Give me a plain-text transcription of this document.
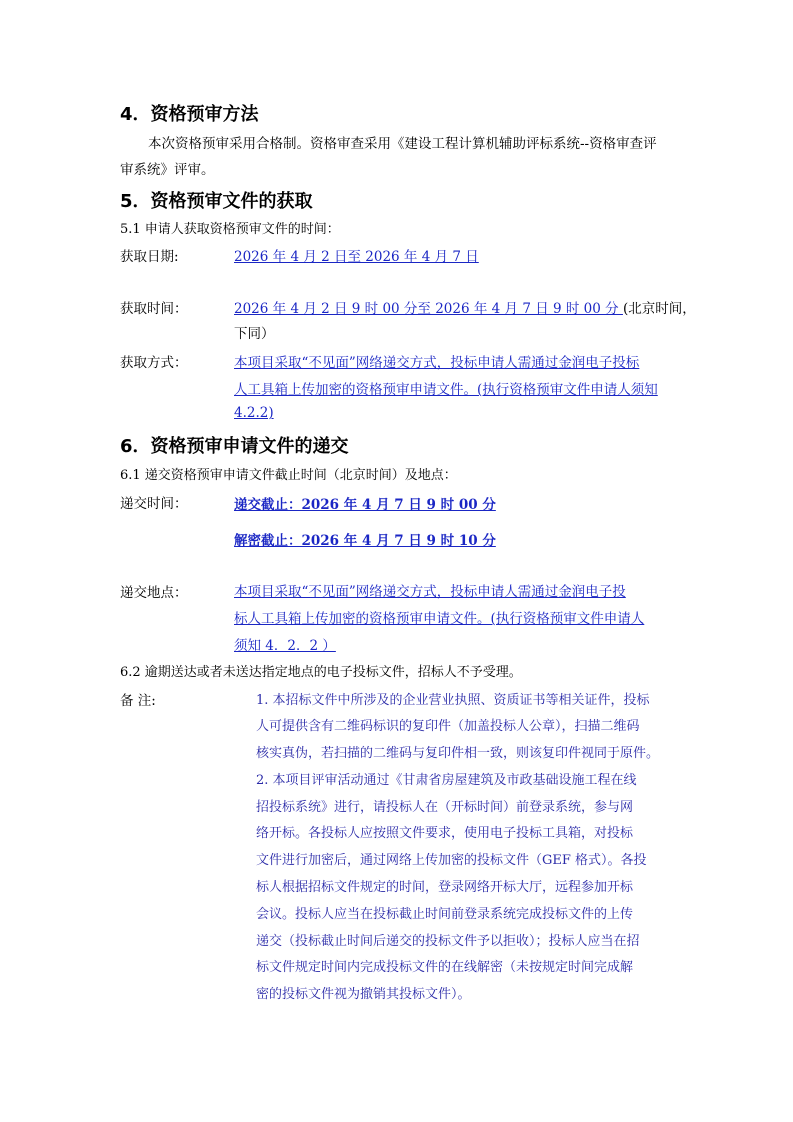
4．资格预审方法
本次资格预审采用合格制。资格审查采用《建设工程计算机辅助评标系统--资格审查评
审系统》评审。
5．资格预审文件的获取
5.1 申请人获取资格预审文件的时间：
获取日期:	2026 年 4 月 2 日至 2026 年 4 月 7 日
获取时间：	2026 年 4 月 2 日 9 时 00 分至 2026 年 4 月 7 日 9 时 00 分 (北京时间，
下同）
获取方式：	本项目采取“不见面”网络递交方式，投标申请人需通过金润电子投标
人工具箱上传加密的资格预审申请文件。(执行资格预审文件申请人须知
4.2.2)
6．资格预审申请文件的递交
6.1 递交资格预审申请文件截止时间（北京时间）及地点：
递交时间：	递交截止：2026 年 4 月 7 日 9 时 00 分
解密截止：2026 年 4 月 7 日 9 时 10 分
递交地点：	本项目采取“不见面”网络递交方式，投标申请人需通过金润电子投
标人工具箱上传加密的资格预审申请文件。(执行资格预审文件申请人
须知 4．2．2 ）
6.2 逾期送达或者未送达指定地点的电子投标文件，招标人不予受理。
备 注:	1. 本招标文件中所涉及的企业营业执照、资质证书等相关证件，投标
人可提供含有二维码标识的复印件（加盖投标人公章），扫描二维码
核实真伪，若扫描的二维码与复印件相一致，则该复印件视同于原件。
2. 本项目评审活动通过《甘肃省房屋建筑及市政基础设施工程在线
招投标系统》进行，请投标人在（开标时间）前登录系统，参与网
络开标。各投标人应按照文件要求，使用电子投标工具箱，对投标
文件进行加密后，通过网络上传加密的投标文件（GEF 格式）。各投
标人根据招标文件规定的时间，登录网络开标大厅，远程参加开标
会议。投标人应当在投标截止时间前登录系统完成投标文件的上传
递交（投标截止时间后递交的投标文件予以拒收）；投标人应当在招
标文件规定时间内完成投标文件的在线解密（未按规定时间完成解
密的投标文件视为撤销其投标文件）。
